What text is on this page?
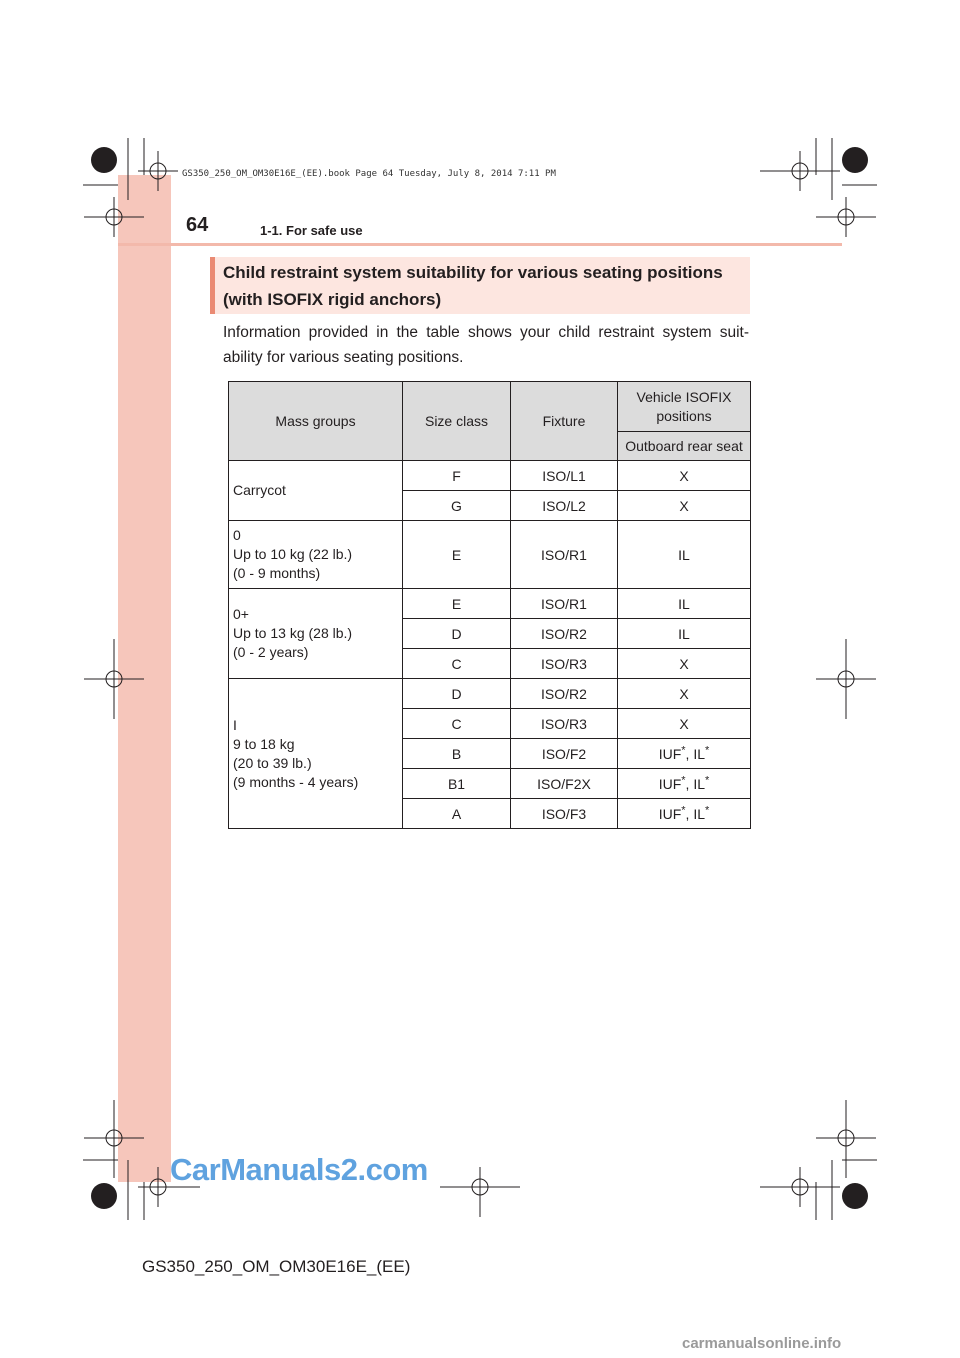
GS350_250_OM_OM30E16E_(EE).book Page 64 Tuesday, July 8, 2014 7:11 PM
64	1-1. For safe use
Child restraint system suitability for various seating positions
(with ISOFIX rigid anchors)
Information provided in the table shows your child restraint system suit-ability for various seating positions.
Mass groups	Size class	Fixture	Vehicle ISOFIX positions
			Outboard rear seat

Carrycot	F	ISO/L1	X
	G	ISO/L2	X

0
Up to 10 kg (22 lb.)
(0 - 9 months)	E	ISO/R1	IL

0+
Up to 13 kg (28 lb.)
(0 - 2 years)	E	ISO/R1	IL
	D	ISO/R2	IL
	C	ISO/R3	X

I
9 to 18 kg
(20 to 39 lb.)
(9 months - 4 years)	D	ISO/R2	X
	C	ISO/R3	X
	B	ISO/F2	IUF*, IL*
	B1	ISO/F2X	IUF*, IL*
	A	ISO/F3	IUF*, IL*
CarManuals2.com
GS350_250_OM_OM30E16E_(EE)
carmanualsonline.info
